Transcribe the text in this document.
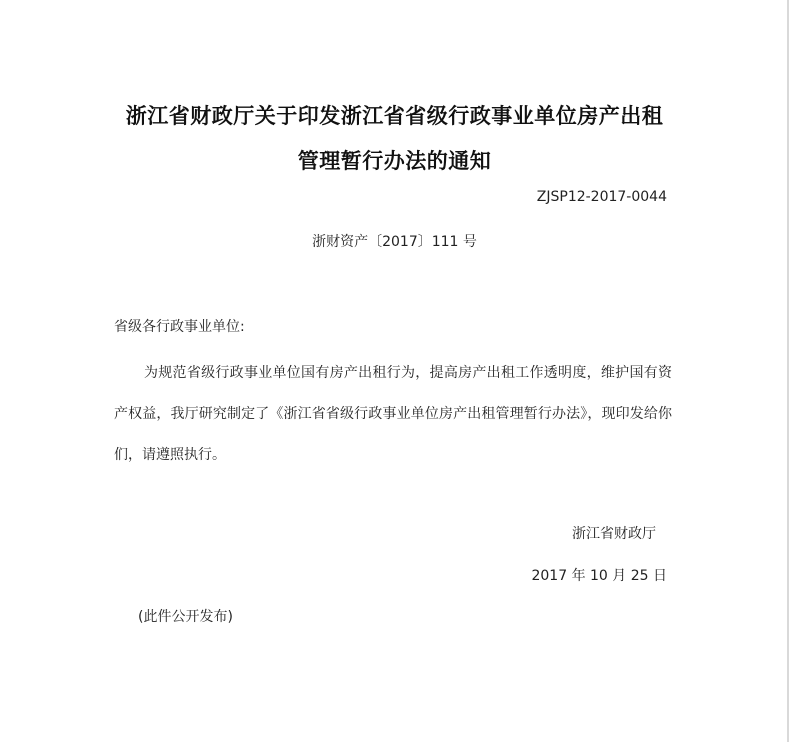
浙江省财政厅关于印发浙江省省级行政事业单位房产出租
管理暂行办法的通知
ZJSP12-2017-0044
浙财资产〔2017〕111 号
省级各行政事业单位:

为规范省级行政事业单位国有房产出租行为，提高房产出租工作透明度，维护国有资产权益，我厅研究制定了《浙江省省级行政事业单位房产出租管理暂行办法》，现印发给你们，请遵照执行。

浙江省财政厅
2017 年 10 月 25 日
(此件公开发布)
